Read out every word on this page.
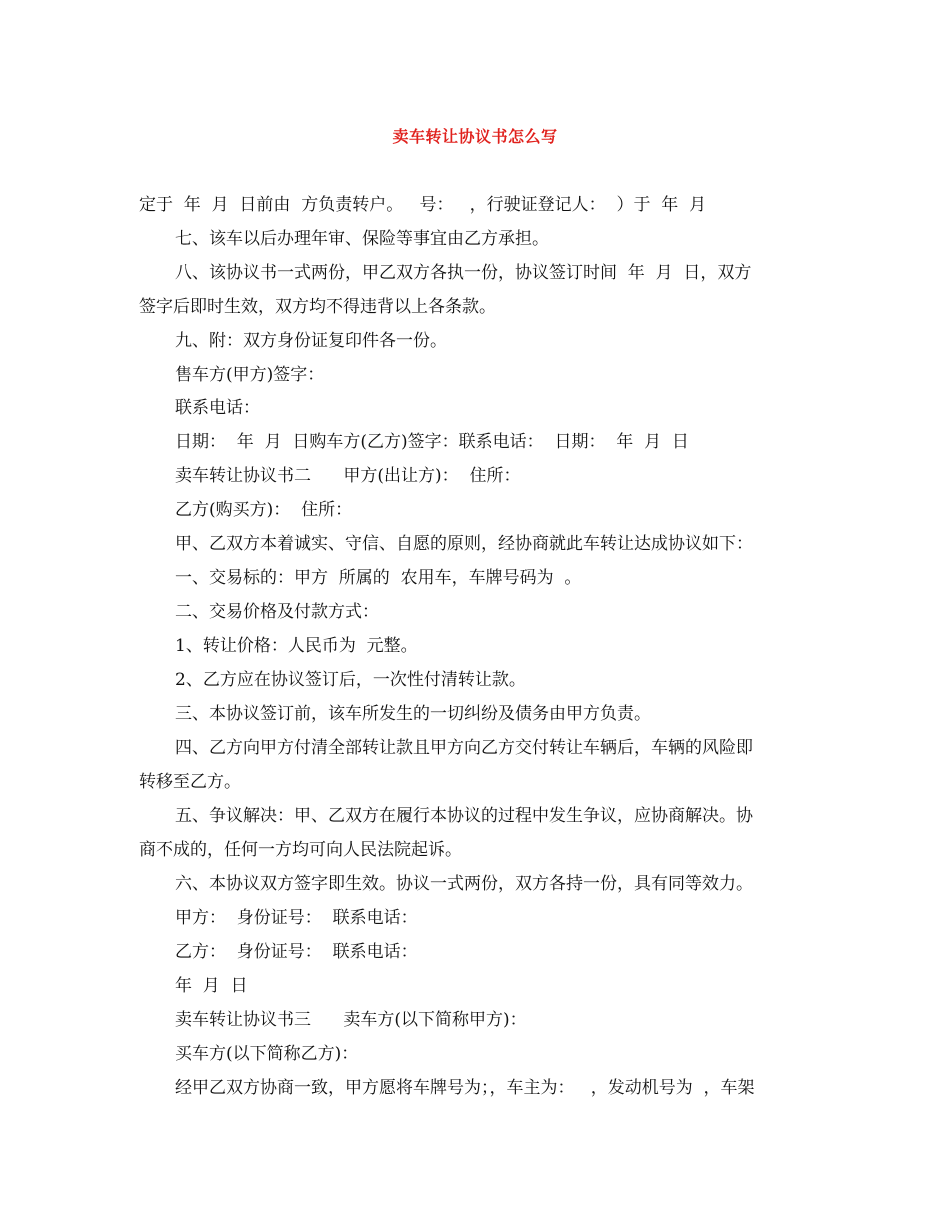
卖车转让协议书怎么写
定于  年  月  日前由  方负责转户。   号：   ，行驶证登记人：  ）于  年  月
七、该车以后办理年审、保险等事宜由乙方承担。
八、该协议书一式两份，甲乙双方各执一份，协议签订时间  年  月  日，双方
签字后即时生效，双方均不得违背以上各条款。
九、附：双方身份证复印件各一份。
售车方(甲方)签字：
联系电话：
日期：  年  月  日购车方(乙方)签字：联系电话：  日期：  年  月  日
卖车转让协议书二      甲方(出让方)：  住所：
乙方(购买方)：  住所：
甲、乙双方本着诚实、守信、自愿的原则，经协商就此车转让达成协议如下：
一、交易标的：甲方  所属的  农用车，车牌号码为  。
二、交易价格及付款方式：
1、转让价格：人民币为  元整。
2、乙方应在协议签订后，一次性付清转让款。
三、本协议签订前，该车所发生的一切纠纷及债务由甲方负责。
四、乙方向甲方付清全部转让款且甲方向乙方交付转让车辆后，车辆的风险即
转移至乙方。
五、争议解决：甲、乙双方在履行本协议的过程中发生争议，应协商解决。协
商不成的，任何一方均可向人民法院起诉。
六、本协议双方签字即生效。协议一式两份，双方各持一份，具有同等效力。
甲方：  身份证号：  联系电话：
乙方：  身份证号：  联系电话：
年  月  日
卖车转让协议书三      卖车方(以下简称甲方)：
买车方(以下简称乙方)：
经甲乙双方协商一致，甲方愿将车牌号为；，车主为：   ，发动机号为  ，车架
